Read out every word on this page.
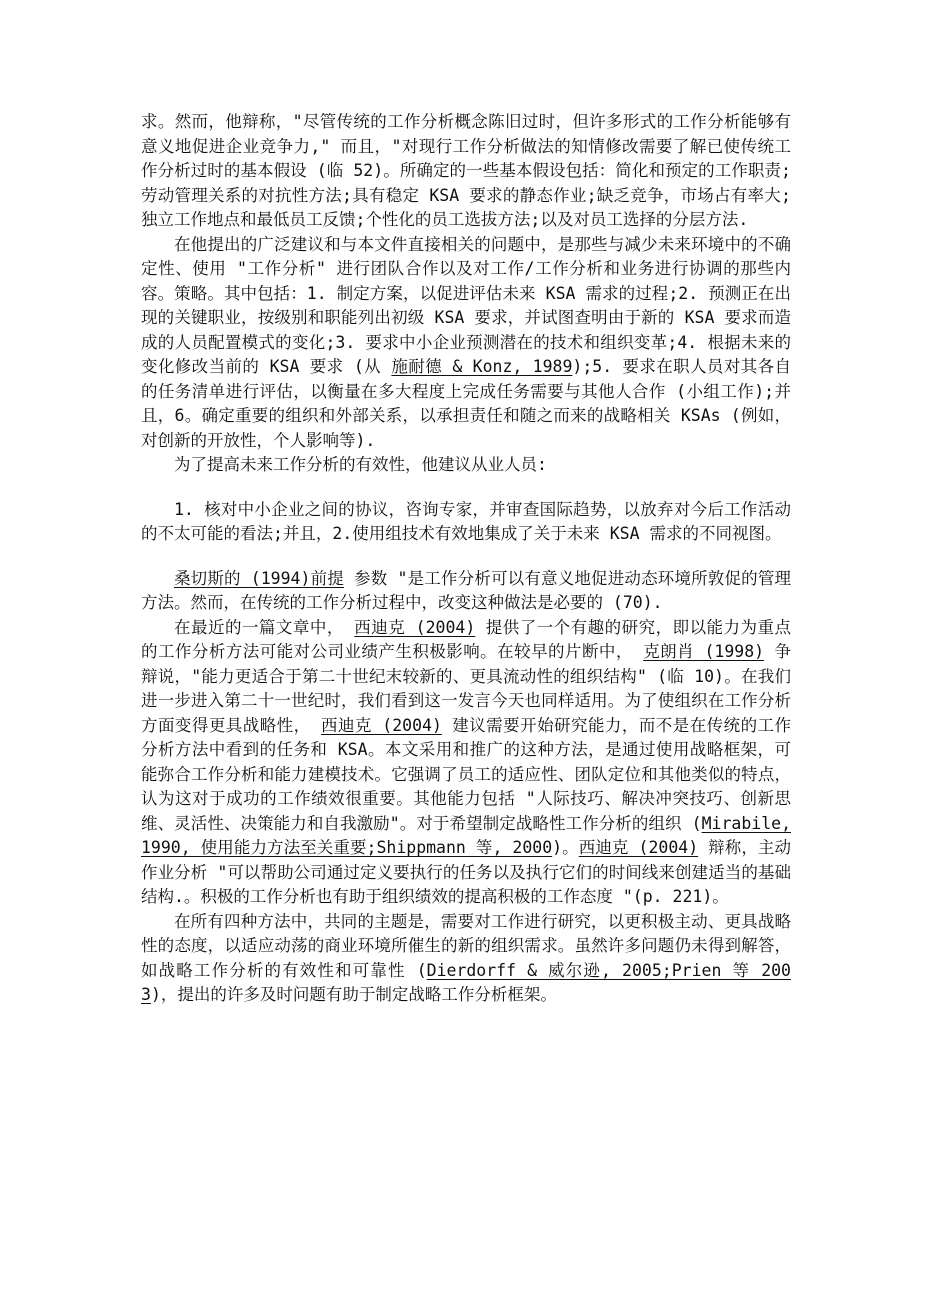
求。然而，他辩称，"尽管传统的工作分析概念陈旧过时，但许多形式的工作分析能够有意义地促进企业竞争力," 而且，"对现行工作分析做法的知情修改需要了解已使传统工作分析过时的基本假设 (临 52)。所确定的一些基本假设包括：简化和预定的工作职责;劳动管理关系的对抗性方法;具有稳定 KSA 要求的静态作业;缺乏竞争，市场占有率大;独立工作地点和最低员工反馈;个性化的员工选拔方法;以及对员工选择的分层方法.

在他提出的广泛建议和与本文件直接相关的问题中，是那些与减少未来环境中的不确定性、使用 "工作分析" 进行团队合作以及对工作/工作分析和业务进行协调的那些内容。策略。其中包括：1. 制定方案，以促进评估未来 KSA 需求的过程;2. 预测正在出现的关键职业，按级别和职能列出初级 KSA 要求，并试图查明由于新的 KSA 要求而造成的人员配置模式的变化;3. 要求中小企业预测潜在的技术和组织变革;4. 根据未来的变化修改当前的 KSA 要求 (从 施耐德 & Konz, 1989);5. 要求在职人员对其各自的任务清单进行评估，以衡量在多大程度上完成任务需要与其他人合作 (小组工作);并且，6。确定重要的组织和外部关系，以承担责任和随之而来的战略相关 KSAs (例如，对创新的开放性，个人影响等).

为了提高未来工作分析的有效性，他建议从业人员:

1. 核对中小企业之间的协议，咨询专家，并审查国际趋势，以放弃对今后工作活动的不太可能的看法;并且，2.使用组技术有效地集成了关于未来 KSA 需求的不同视图。

桑切斯的 (1994)前提 参数 "是工作分析可以有意义地促进动态环境所敦促的管理方法。然而，在传统的工作分析过程中，改变这种做法是必要的 (70).

在最近的一篇文章中， 西迪克 (2004) 提供了一个有趣的研究，即以能力为重点的工作分析方法可能对公司业绩产生积极影响。在较早的片断中， 克朗肖 (1998) 争辩说，"能力更适合于第二十世纪末较新的、更具流动性的组织结构" (临 10)。在我们进一步进入第二十一世纪时，我们看到这一发言今天也同样适用。为了使组织在工作分析方面变得更具战略性， 西迪克 (2004) 建议需要开始研究能力，而不是在传统的工作分析方法中看到的任务和 KSA。本文采用和推广的这种方法，是通过使用战略框架，可能弥合工作分析和能力建模技术。它强调了员工的适应性、团队定位和其他类似的特点，认为这对于成功的工作绩效很重要。其他能力包括 "人际技巧、解决冲突技巧、创新思维、灵活性、决策能力和自我激励"。对于希望制定战略性工作分析的组织 (Mirabile, 1990, 使用能力方法至关重要;Shippmann 等, 2000)。西迪克 (2004) 辩称，主动作业分析 "可以帮助公司通过定义要执行的任务以及执行它们的时间线来创建适当的基础结构.。积极的工作分析也有助于组织绩效的提高积极的工作态度 "(p. 221)。

在所有四种方法中，共同的主题是，需要对工作进行研究，以更积极主动、更具战略性的态度，以适应动荡的商业环境所催生的新的组织需求。虽然许多问题仍未得到解答，如战略工作分析的有效性和可靠性 (Dierdorff & 威尔逊, 2005;Prien 等 2003)，提出的许多及时问题有助于制定战略工作分析框架。
